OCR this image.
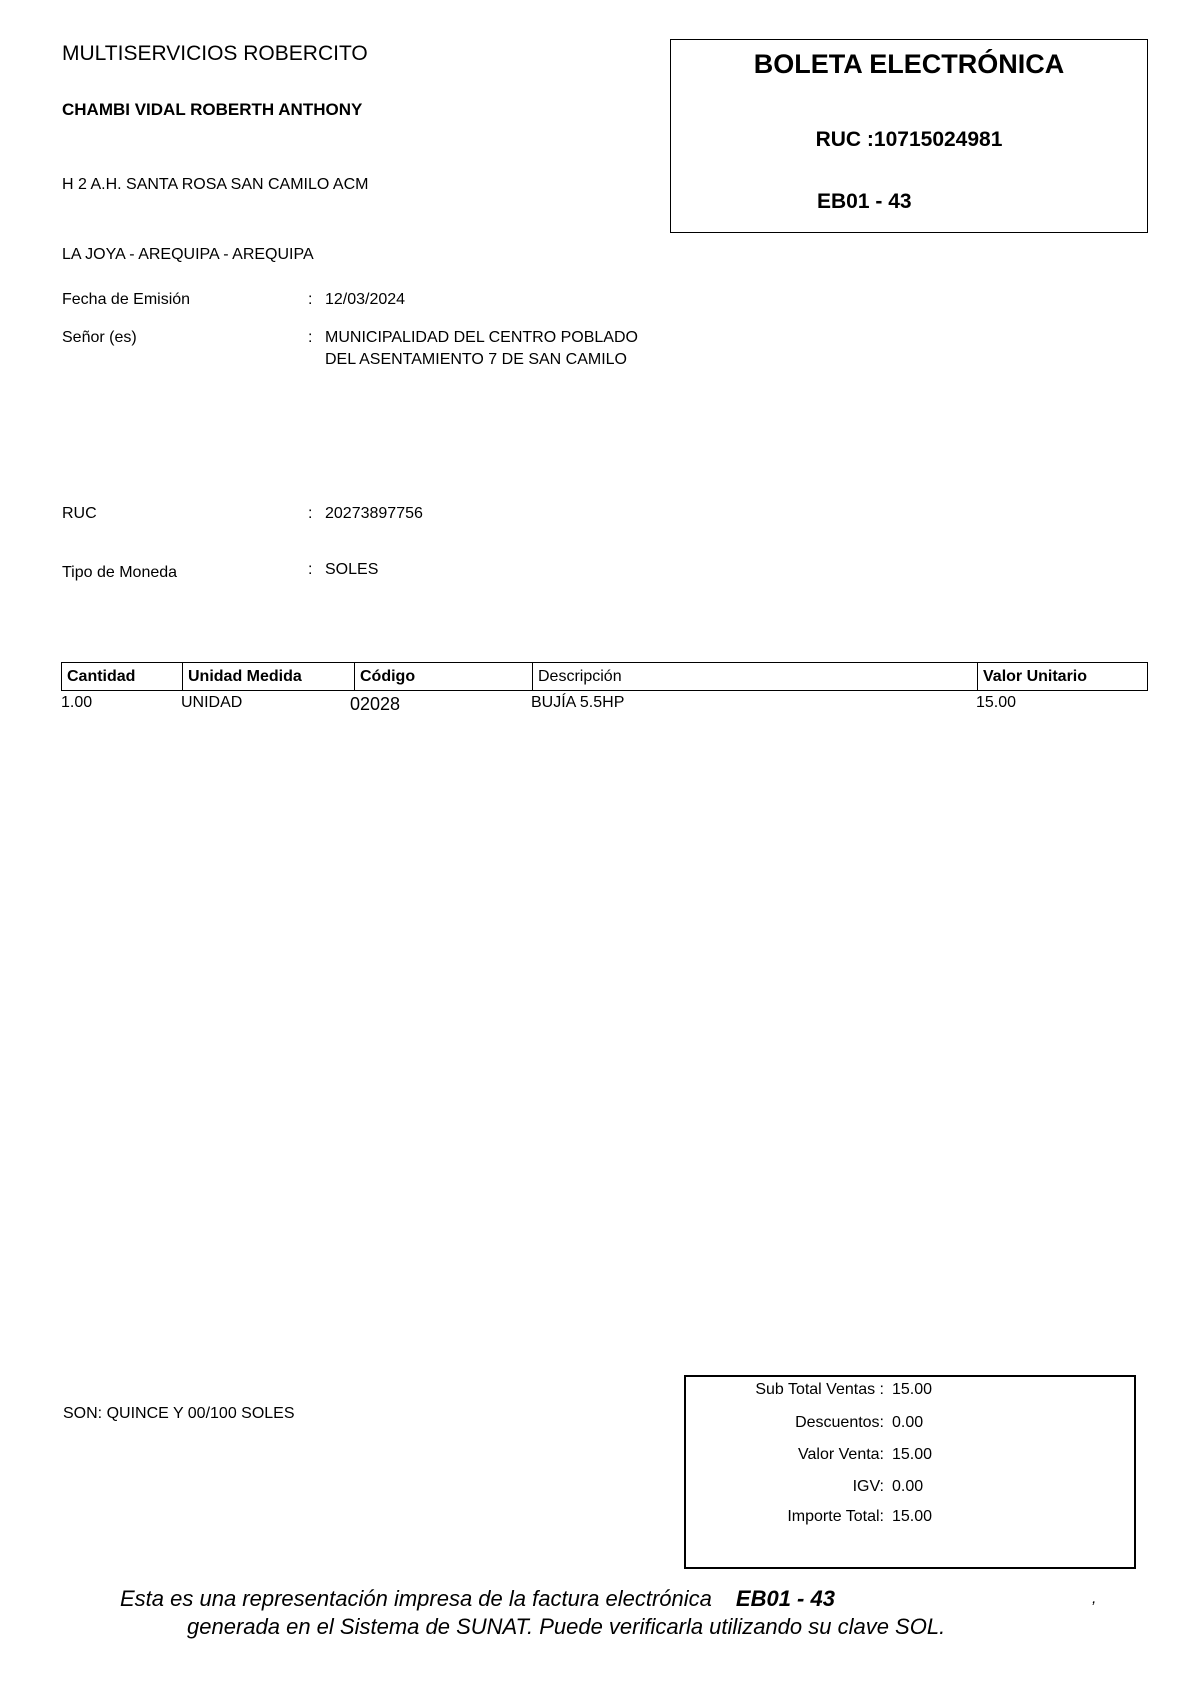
MULTISERVICIOS ROBERCITO
CHAMBI VIDAL ROBERTH ANTHONY
H 2 A.H. SANTA ROSA SAN CAMILO ACM
LA JOYA - AREQUIPA - AREQUIPA
BOLETA ELECTRÓNICA
RUC :10715024981
EB01 - 43
Fecha de Emisión	: 12/03/2024
Señor (es)	: MUNICIPALIDAD DEL CENTRO POBLADO
DEL ASENTAMIENTO 7 DE SAN CAMILO
RUC	: 20273897756
Tipo de Moneda	: SOLES
Cantidad	Unidad Medida	Código	Descripción	Valor Unitario
1.00	UNIDAD	02028	BUJÍA 5.5HP	15.00
SON: QUINCE Y 00/100 SOLES
Sub Total Ventas : 15.00
Descuentos: 0.00
Valor Venta: 15.00
IGV: 0.00
Importe Total: 15.00
Esta es una representación impresa de la factura electrónica EB01 - 43	,
generada en el Sistema de SUNAT. Puede verificarla utilizando su clave SOL.
